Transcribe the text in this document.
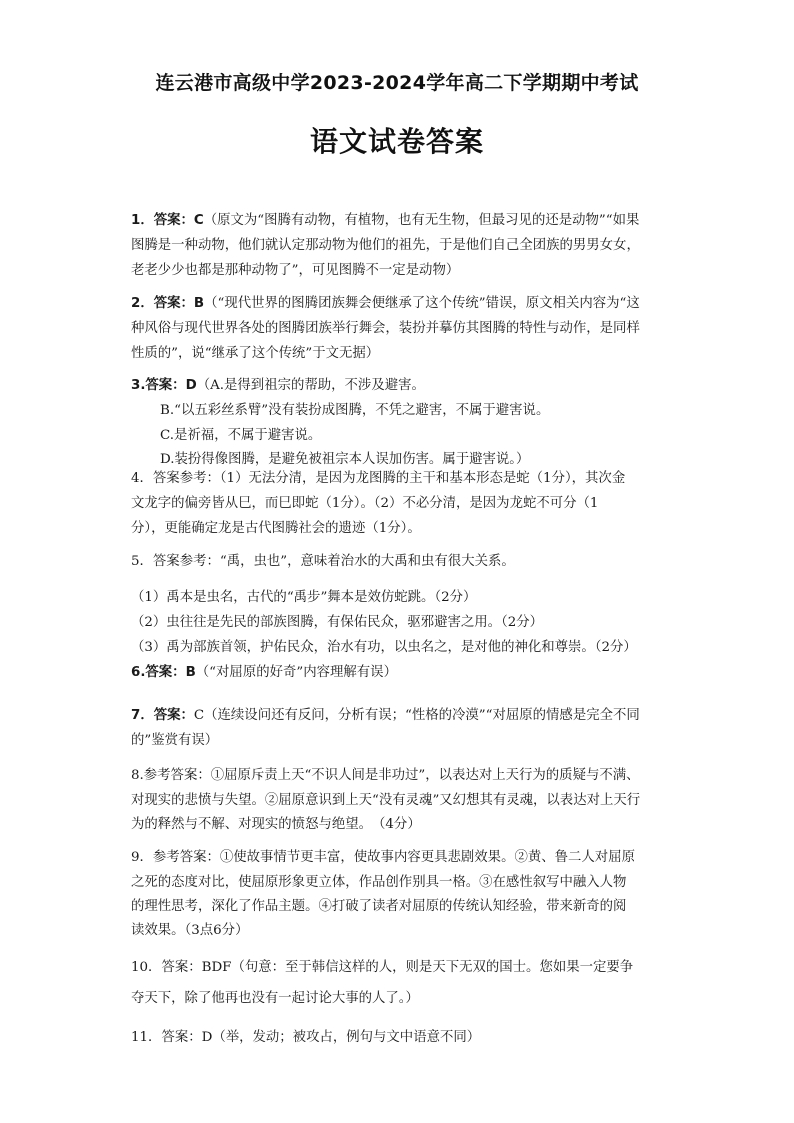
连云港市高级中学2023-2024学年高二下学期期中考试
语文试卷答案

1．答案：C（原文为“图腾有动物，有植物，也有无生物，但最习见的还是动物”“如果

图腾是一种动物，他们就认定那动物为他们的祖先，于是他们自己全团族的男男女女，

老老少少也都是那种动物了”，可见图腾不一定是动物）

2．答案：B（“现代世界的图腾团族舞会便继承了这个传统”错误，原文相关内容为“这

种风俗与现代世界各处的图腾团族举行舞会，装扮并摹仿其图腾的特性与动作，是同样

性质的”，说“继承了这个传统”于文无据）

3.答案：D（A.是得到祖宗的帮助，不涉及避害。

B.“以五彩丝系臂”没有装扮成图腾，不凭之避害，不属于避害说。

C.是祈福，不属于避害说。

D.装扮得像图腾，是避免被祖宗本人误加伤害。属于避害说。）

4．答案参考：（1）无法分清，是因为龙图腾的主干和基本形态是蛇（1分），其次金

文龙字的偏旁皆从巳，而巳即蛇（1分）。（2）不必分清，是因为龙蛇不可分（1

分），更能确定龙是古代图腾社会的遗迹（1分）。

5．答案参考：“禹，虫也”，意味着治水的大禹和虫有很大关系。

（1）禹本是虫名，古代的“禹步”舞本是效仿蛇跳。（2分）

（2）虫往往是先民的部族图腾，有保佑民众，驱邪避害之用。（2分）

（3）禹为部族首领，护佑民众，治水有功，以虫名之，是对他的神化和尊崇。（2分）

6.答案：B（“对屈原的好奇”内容理解有误）

7．答案：C（连续设问还有反问，分析有误；“性格的冷漠”“对屈原的情感是完全不同

的”鉴赏有误）

8.参考答案：①屈原斥责上天“不识人间是非功过”，以表达对上天行为的质疑与不满、

对现实的悲愤与失望。②屈原意识到上天“没有灵魂”又幻想其有灵魂，以表达对上天行

为的释然与不解、对现实的愤怒与绝望。　（4分）

9．参考答案：①使故事情节更丰富，使故事内容更具悲剧效果。②黄、鲁二人对屈原

之死的态度对比，使屈原形象更立体，作品创作别具一格。③在感性叙写中融入人物

的理性思考，深化了作品主题。④打破了读者对屈原的传统认知经验，带来新奇的阅

读效果。（3点6分）

10．答案：BDF（句意：至于韩信这样的人，则是天下无双的国士。您如果一定要争

夺天下，除了他再也没有一起讨论大事的人了。）

11．答案：D（举，发动；被攻占，例句与文中语意不同）
